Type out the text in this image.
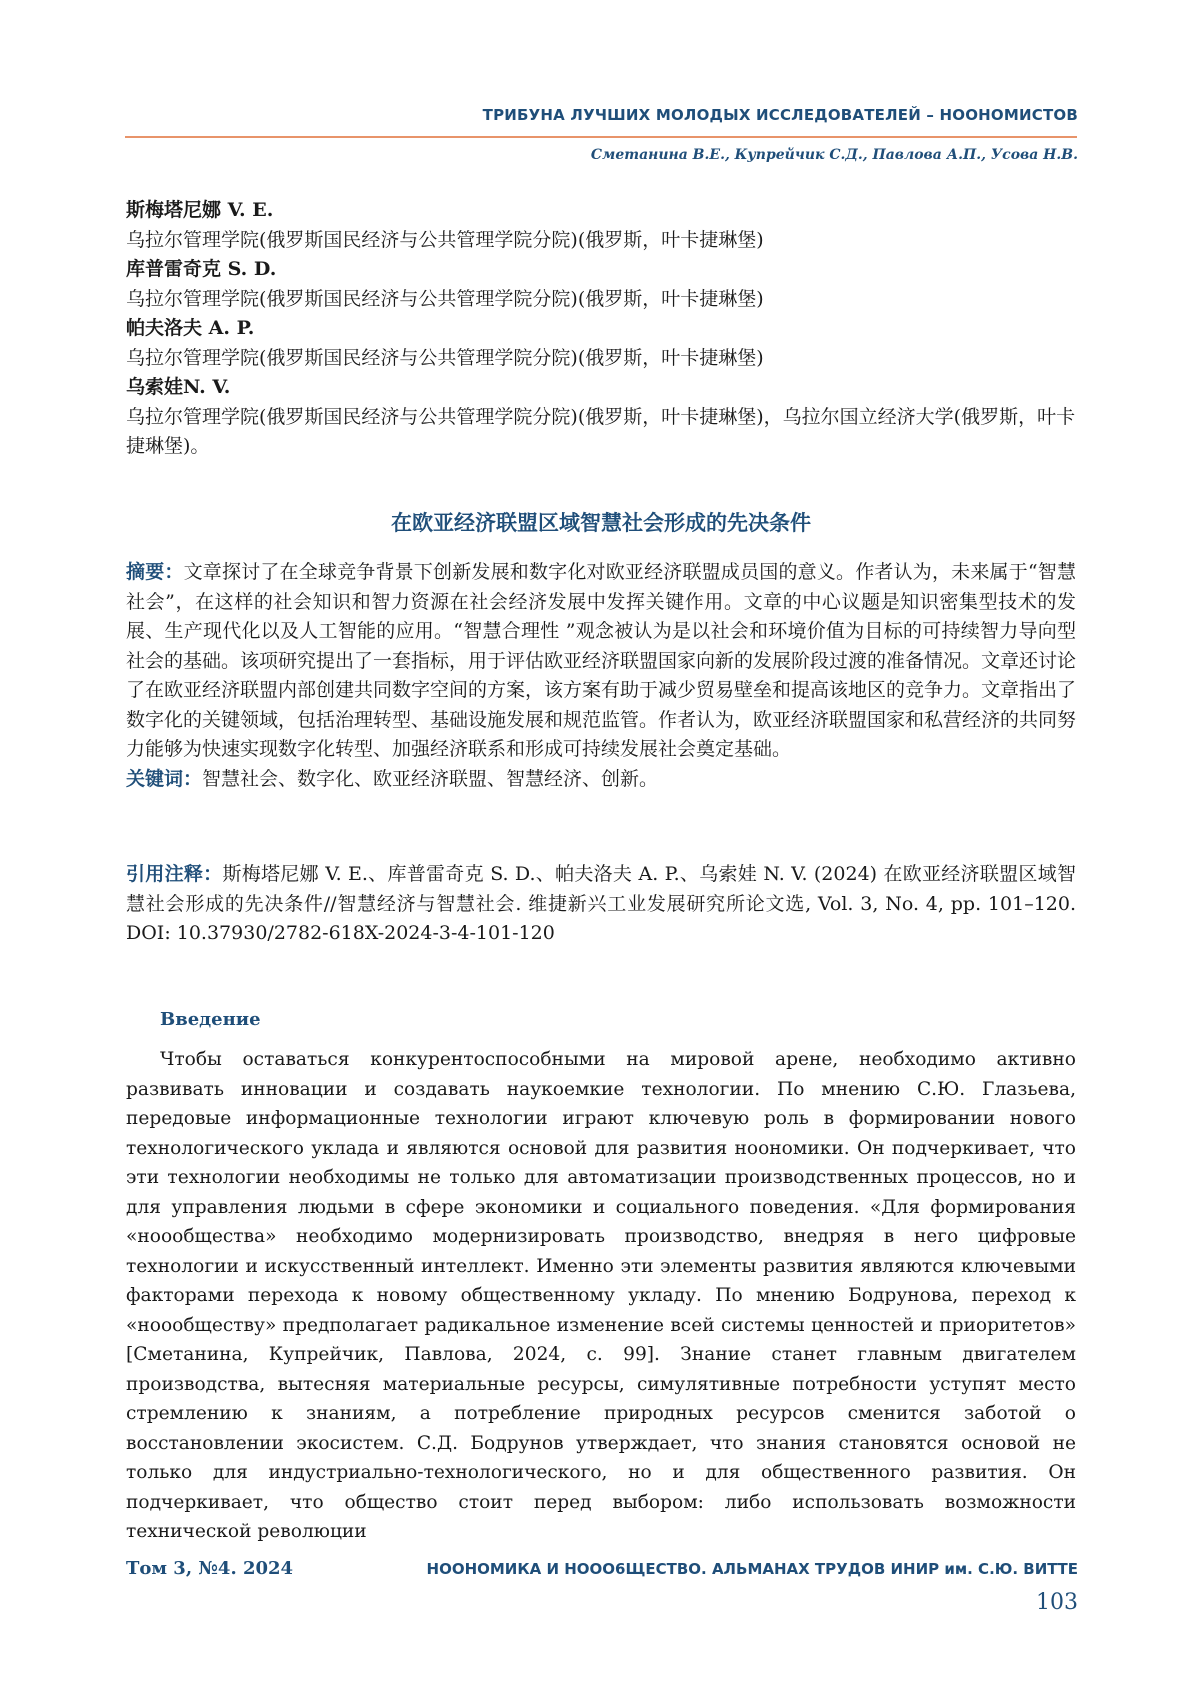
ТРИБУНА ЛУЧШИХ МОЛОДЫХ ИССЛЕДОВАТЕЛЕЙ – НООНОМИСТОВ
Сметанина В.Е., Купрейчик С.Д., Павлова А.П., Усова Н.В.
斯梅塔尼娜 V. E.
乌拉尔管理学院(俄罗斯国民经济与公共管理学院分院)(俄罗斯，叶卡捷琳堡)
库普雷奇克 S. D.
乌拉尔管理学院(俄罗斯国民经济与公共管理学院分院)(俄罗斯，叶卡捷琳堡)
帕夫洛夫 A. P.
乌拉尔管理学院(俄罗斯国民经济与公共管理学院分院)(俄罗斯，叶卡捷琳堡)
乌索娃N. V.
乌拉尔管理学院(俄罗斯国民经济与公共管理学院分院)(俄罗斯，叶卡捷琳堡)，乌拉尔国立经济大学(俄罗斯，叶卡捷琳堡)。
在欧亚经济联盟区域智慧社会形成的先决条件
摘要：文章探讨了在全球竞争背景下创新发展和数字化对欧亚经济联盟成员国的意义。作者认为，未来属于“智慧社会”，在这样的社会知识和智力资源在社会经济发展中发挥关键作用。文章的中心议题是知识密集型技术的发展、生产现代化以及人工智能的应用。“智慧合理性 ”观念被认为是以社会和环境价值为目标的可持续智力导向型社会的基础。该项研究提出了一套指标，用于评估欧亚经济联盟国家向新的发展阶段过渡的准备情况。文章还讨论了在欧亚经济联盟内部创建共同数字空间的方案，该方案有助于减少贸易壁垒和提高该地区的竞争力。文章指出了数字化的关键领域，包括治理转型、基础设施发展和规范监管。作者认为，欧亚经济联盟国家和私营经济的共同努力能够为快速实现数字化转型、加强经济联系和形成可持续发展社会奠定基础。
关键词：智慧社会、数字化、欧亚经济联盟、智慧经济、创新。
引用注释：斯梅塔尼娜 V. E.、库普雷奇克 S. D.、帕夫洛夫 A. P.、乌索娃 N. V. (2024) 在欧亚经济联盟区域智慧社会形成的先决条件//智慧经济与智慧社会. 维捷新兴工业发展研究所论文选, Vol. 3, No. 4, pp. 101–120. DOI: 10.37930/2782-618X-2024-3-4-101-120
Введение
Чтобы оставаться конкурентоспособными на мировой арене, необходимо активно развивать инновации и создавать наукоемкие технологии. По мнению С.Ю. Глазьева, передовые информационные технологии играют ключевую роль в формировании нового технологического уклада и являются основой для развития ноономики. Он подчеркивает, что эти технологии необходимы не только для автоматизации производственных процессов, но и для управления людьми в сфере экономики и социального поведения. «Для формирования «ноообщества» необходимо модернизировать производство, внедряя в него цифровые технологии и искусственный интеллект. Именно эти элементы развития являются ключевыми факторами перехода к новому общественному укладу. По мнению Бодрунова, переход к «ноообществу» предполагает радикальное изменение всей системы ценностей и приоритетов» [Сметанина, Купрейчик, Павлова, 2024, с. 99]. Знание станет главным двигателем производства, вытесняя материальные ресурсы, симулятивные потребности уступят место стремлению к знаниям, а потребление природных ресурсов сменится заботой о восстановлении экосистем. С.Д. Бодрунов утверждает, что знания становятся основой не только для индустриально-технологического, но и для общественного развития. Он подчеркивает, что общество стоит перед выбором: либо использовать возможности технической революции
Том 3, №4. 2024	НООНОМИКА И НООО6ЩЕСТВО. АЛЬМАНАХ ТРУДОВ ИНИР им. С.Ю. ВИТТЕ
103
